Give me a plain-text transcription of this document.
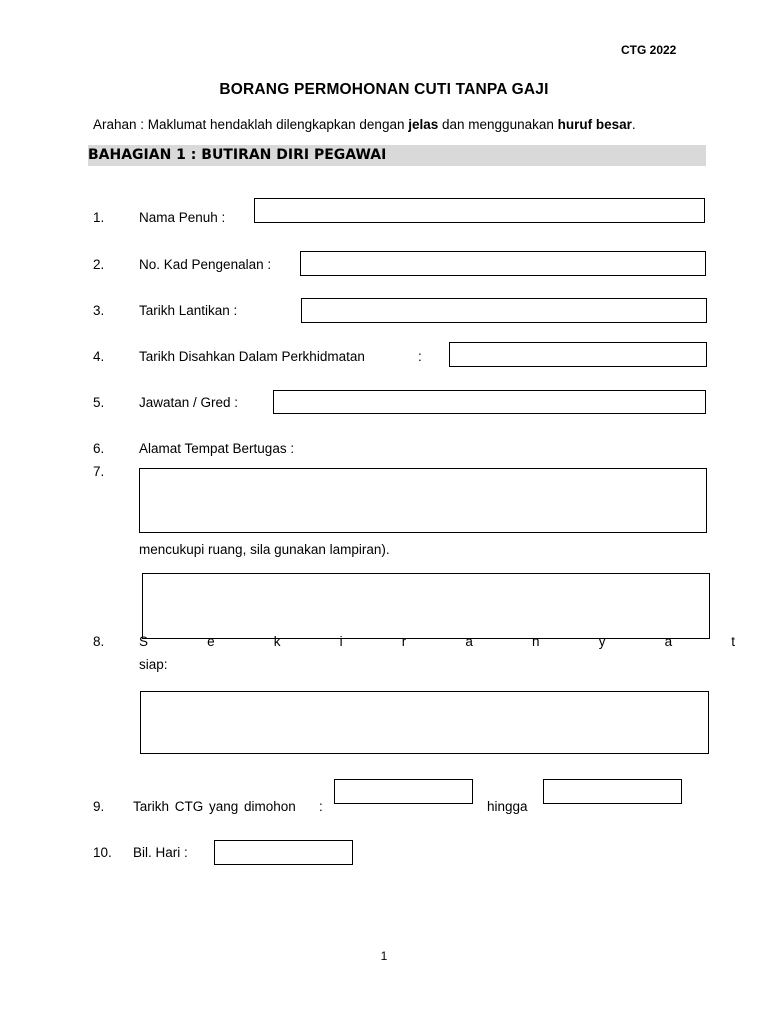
CTG 2022
BORANG PERMOHONAN CUTI TANPA GAJI
Arahan : Maklumat hendaklah dilengkapkan dengan jelas dan menggunakan huruf besar.
BAHAGIAN 1 : BUTIRAN DIRI PEGAWAI
1.	Nama Penuh :
2.	No. Kad Pengenalan :
3.	Tarikh Lantikan :
4.	Tarikh Disahkan Dalam Perkhidmatan	:
5.	Jawatan / Gred :
6.	Alamat Tempat Bertugas :
7.
mencukupi ruang, sila gunakan lampiran).
8.	S	e	k	i	r	a	n	y	a	t
siap:
9. Tarikh CTG yang dimohon :	hingga
10. Bil. Hari :
1
